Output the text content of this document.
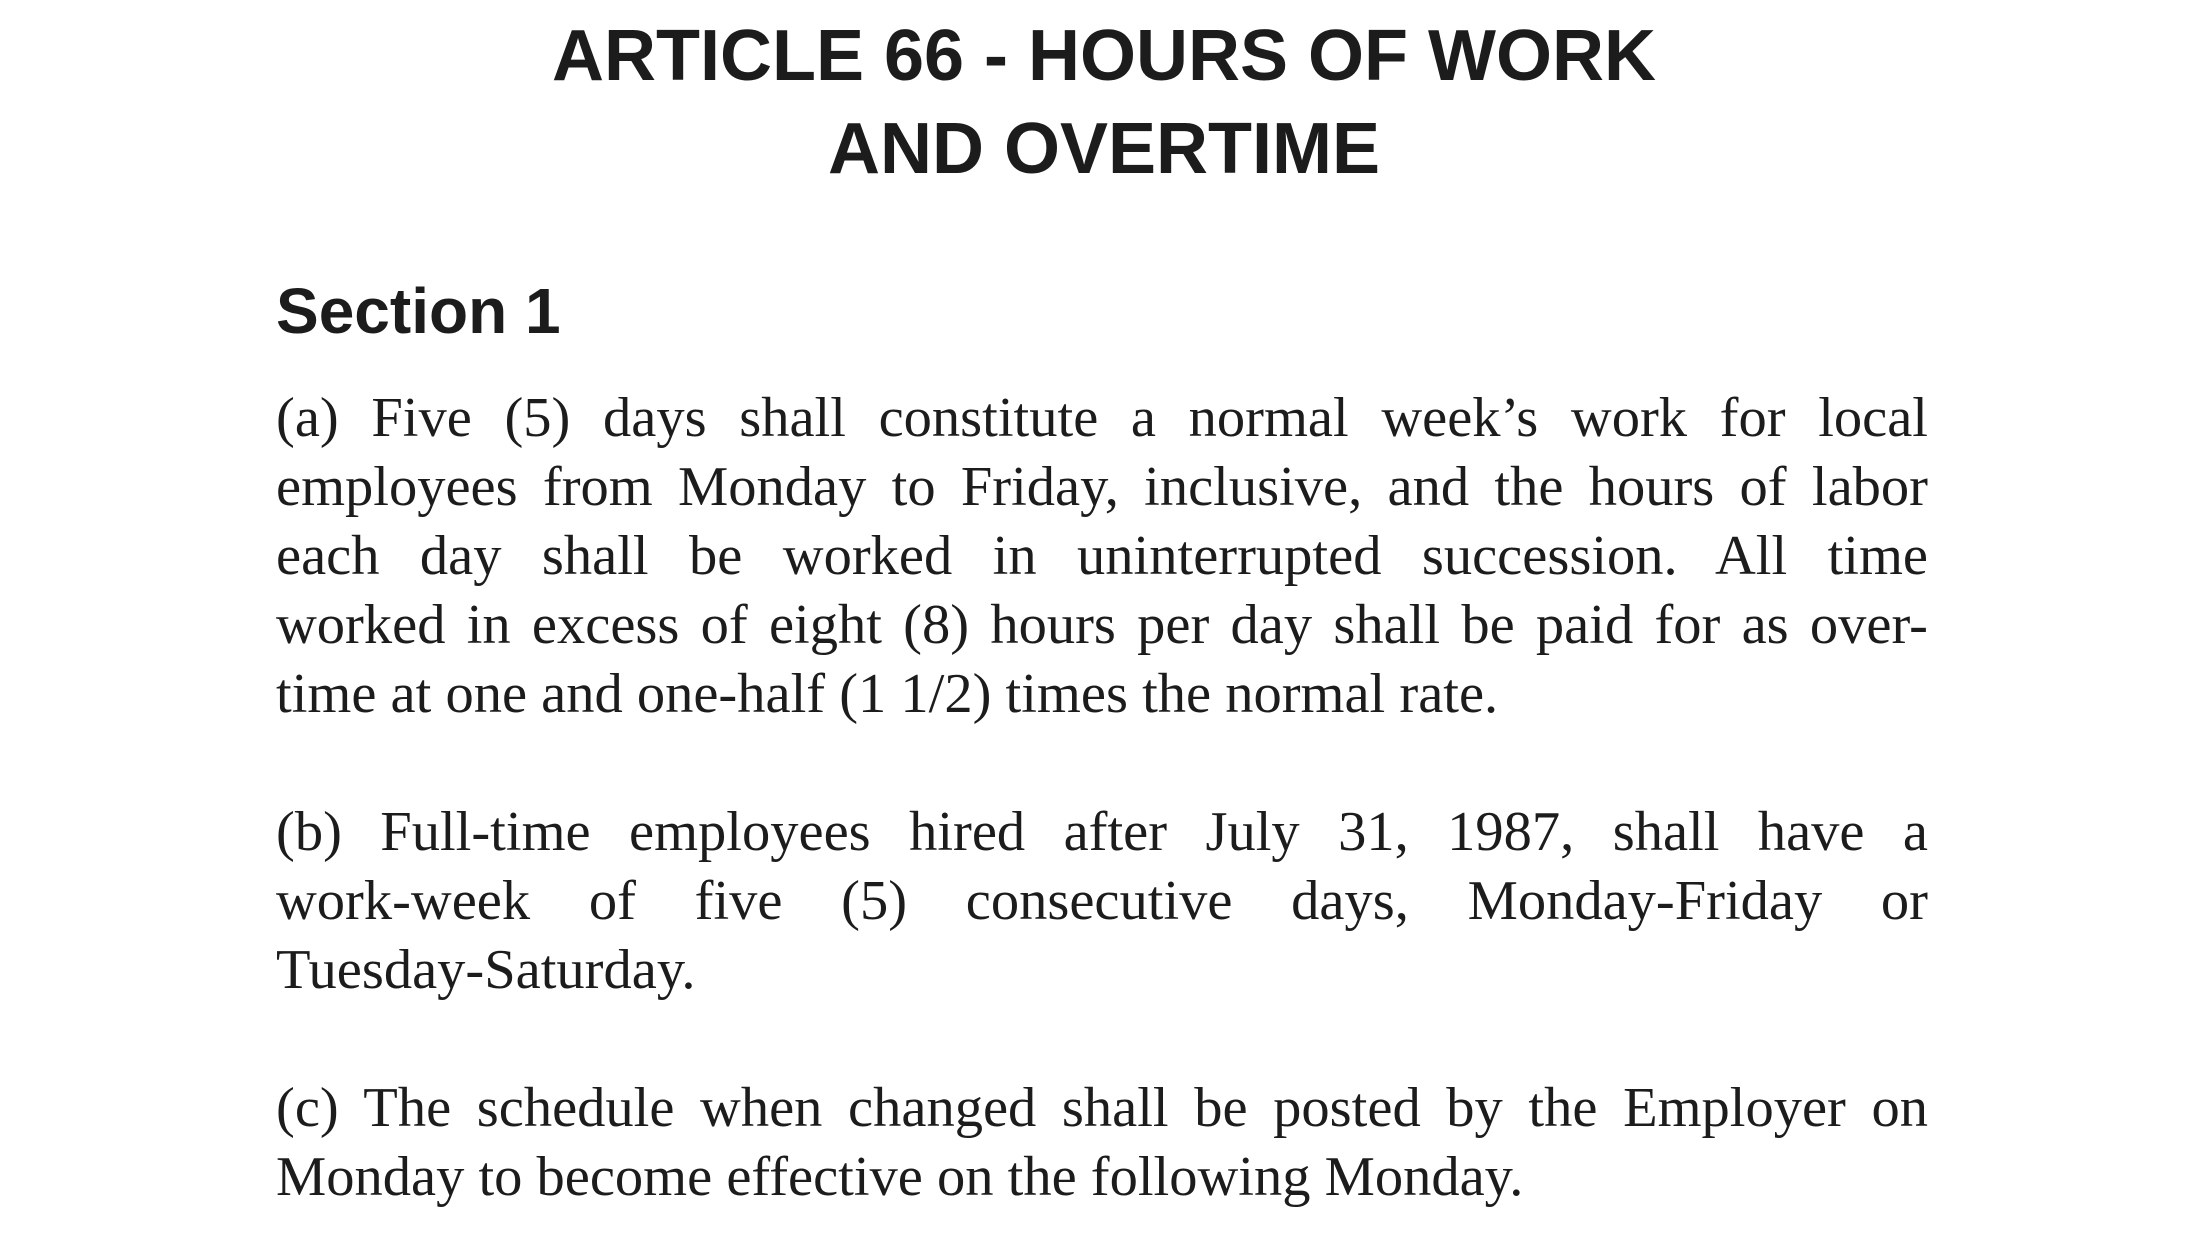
ARTICLE 66 - HOURS OF WORK
AND OVERTIME
Section 1
(a) Five (5) days shall constitute a normal week’s work for local
employees from Monday to Friday, inclusive, and the hours of labor
each day shall be worked in uninterrupted succession. All time
worked in excess of eight (8) hours per day shall be paid for as over-
time at one and one-half (1 1/2) times the normal rate.
(b) Full-time employees hired after July 31, 1987, shall have a
work-week of five (5) consecutive days, Monday-Friday or
Tuesday-Saturday.
(c) The schedule when changed shall be posted by the Employer on
Monday to become effective on the following Monday.
